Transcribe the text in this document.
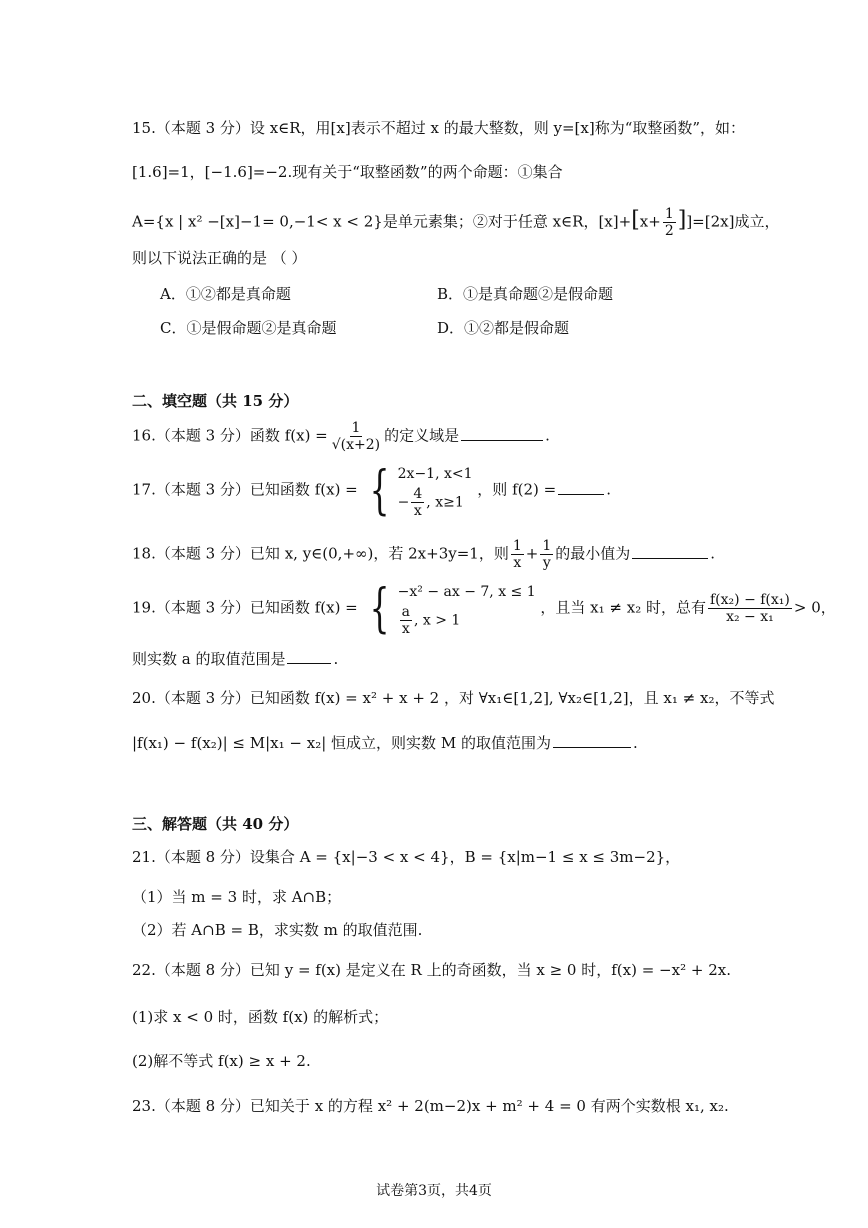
15.（本题 3 分）设 x∈R，用[x]表示不超过 x 的最大整数，则 y=[x]称为“取整函数”，如：
[1.6]=1，[−1.6]=−2.现有关于“取整函数”的两个命题：①集合
A={x | x² −[x]−1= 0,−1< x < 2}是单元素集；②对于任意 x∈R，$[x]+[x+ \frac{1}{2} ]]=[2x]$成立，
则以下说法正确的是 （ ）
A．①②都是真命题	B．①是真命题②是假命题
C．①是假命题②是真命题	D．①②都是假命题
二、填空题（共 15 分）
16.（本题 3 分）函数 $f(x) = \frac{1}{√(x+2)}$ 的定义域是	.
17.（本题 3 分）已知函数 f(x) = { 2x−1, x<1
− $\frac{4}{x}$ , x≥1
，则 f(2) =	.
18.（本题 3 分）已知 x, y∈(0,+∞)，若 2x+3y=1，则 $\frac{1}{x} + \frac{1}{y}$ 的最小值为	.
19.（本题 3 分）已知函数 f(x) = { −x² − ax − 7, x ≤ 1
$\frac{a}{x}$ , x > 1
，且当 x₁ ≠ x₂ 时，总有 $\frac{\text{f(x₂) − f(x₁)}}{\text{x₂ − x₁}} > 0$，
则实数 a 的取值范围是	.
20.（本题 3 分）已知函数 f(x) = x² + x + 2 ，对 ∀x₁∈[1,2], ∀x₂∈[1,2]，且 x₁ ≠ x₂，不等式
|f(x₁) − f(x₂)| ≤ M|x₁ − x₂| 恒成立，则实数 M 的取值范围为	.
三、解答题（共 40 分）
21.（本题 8 分）设集合 A = {x|−3 < x < 4}，B = {x|m−1 ≤ x ≤ 3m−2}，
（1）当 m = 3 时，求 A∩B；
（2）若 A∩B = B，求实数 m 的取值范围.
22.（本题 8 分）已知 y = f(x) 是定义在 R 上的奇函数，当 x ≥ 0 时，f(x) = −x² + 2x.
(1)求 x < 0 时，函数 f(x) 的解析式；
(2)解不等式 f(x) ≥ x + 2.
23.（本题 8 分）已知关于 x 的方程 x² + 2(m−2)x + m² + 4 = 0 有两个实数根 x₁, x₂.
试卷第3页，共4页
